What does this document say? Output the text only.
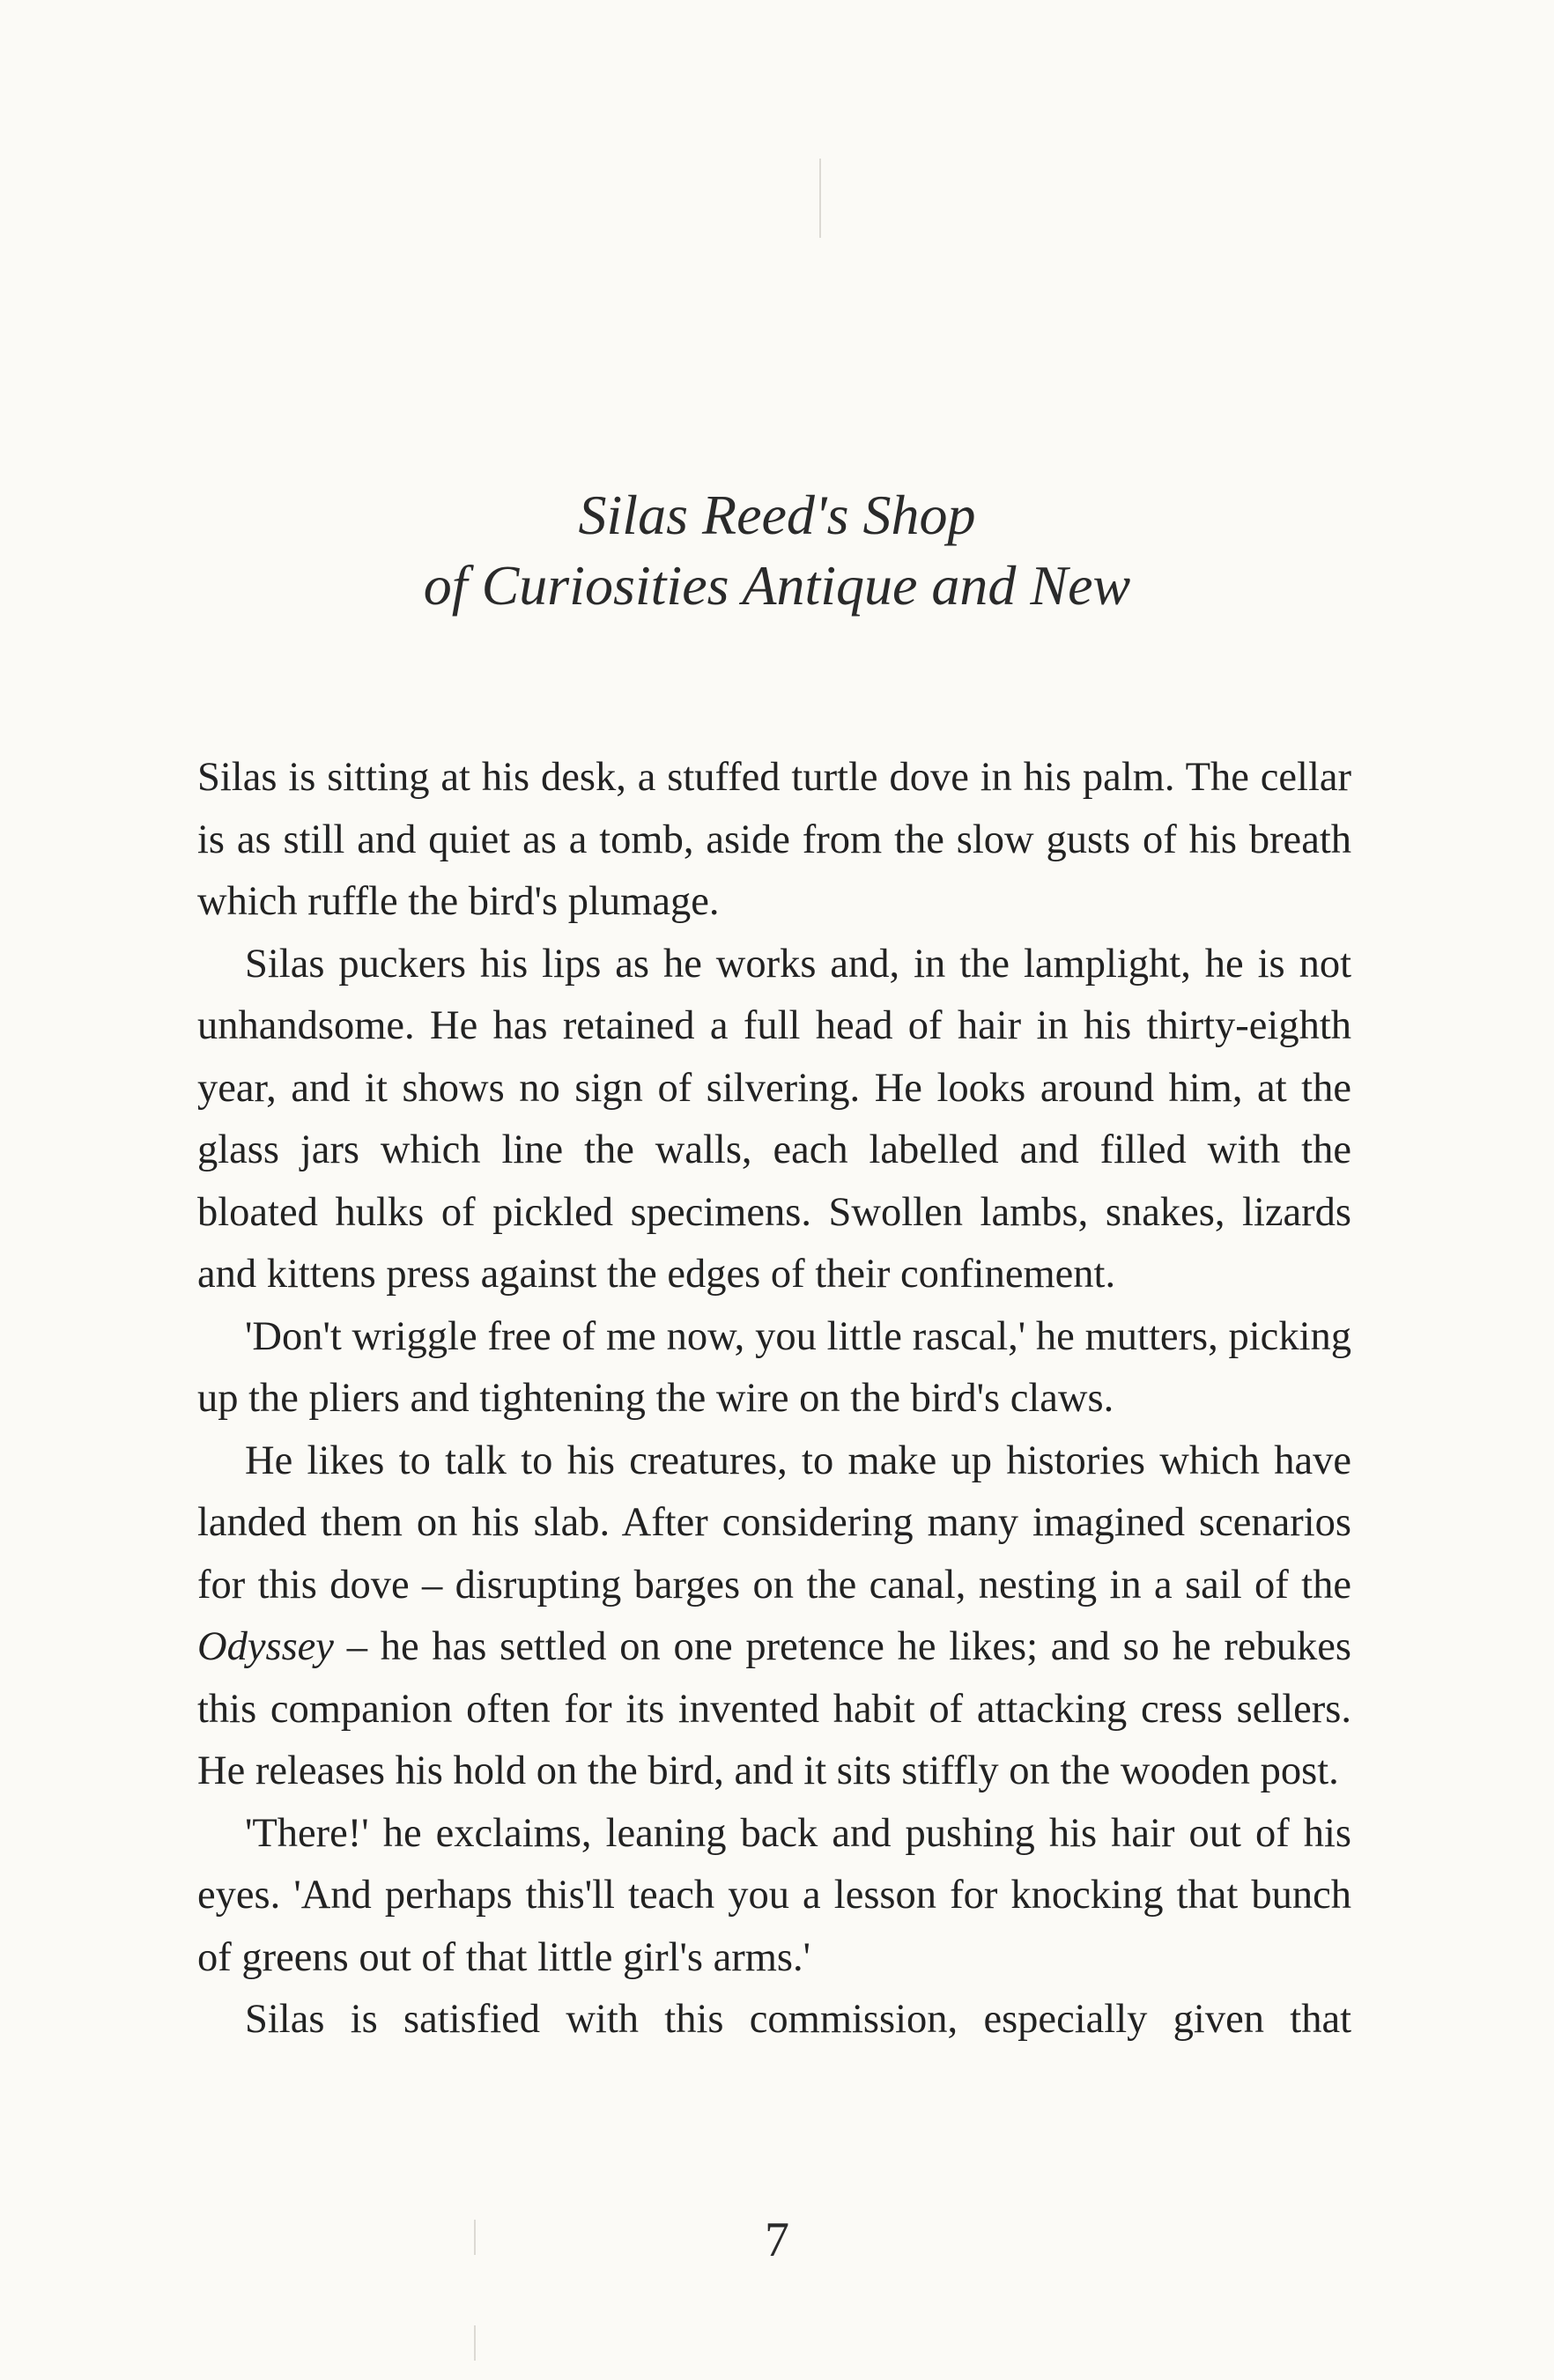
Silas Reed's Shop
of Curiosities Antique and New

Silas is sitting at his desk, a stuffed turtle dove in his palm. The cellar is as still and quiet as a tomb, aside from the slow gusts of his breath which ruffle the bird's plumage.

Silas puckers his lips as he works and, in the lamplight, he is not unhandsome. He has retained a full head of hair in his thirty-eighth year, and it shows no sign of silvering. He looks around him, at the glass jars which line the walls, each labelled and filled with the bloated hulks of pickled specimens. Swollen lambs, snakes, lizards and kittens press against the edges of their confinement.

'Don't wriggle free of me now, you little rascal,' he mutters, picking up the pliers and tightening the wire on the bird's claws.

He likes to talk to his creatures, to make up histories which have landed them on his slab. After considering many imagined scenarios for this dove – disrupting barges on the canal, nesting in a sail of the Odyssey – he has settled on one pretence he likes; and so he rebukes this companion often for its invented habit of attacking cress sellers. He releases his hold on the bird, and it sits stiffly on the wooden post.

'There!' he exclaims, leaning back and pushing his hair out of his eyes. 'And perhaps this'll teach you a lesson for knocking that bunch of greens out of that little girl's arms.'

Silas is satisfied with this commission, especially given that

7
